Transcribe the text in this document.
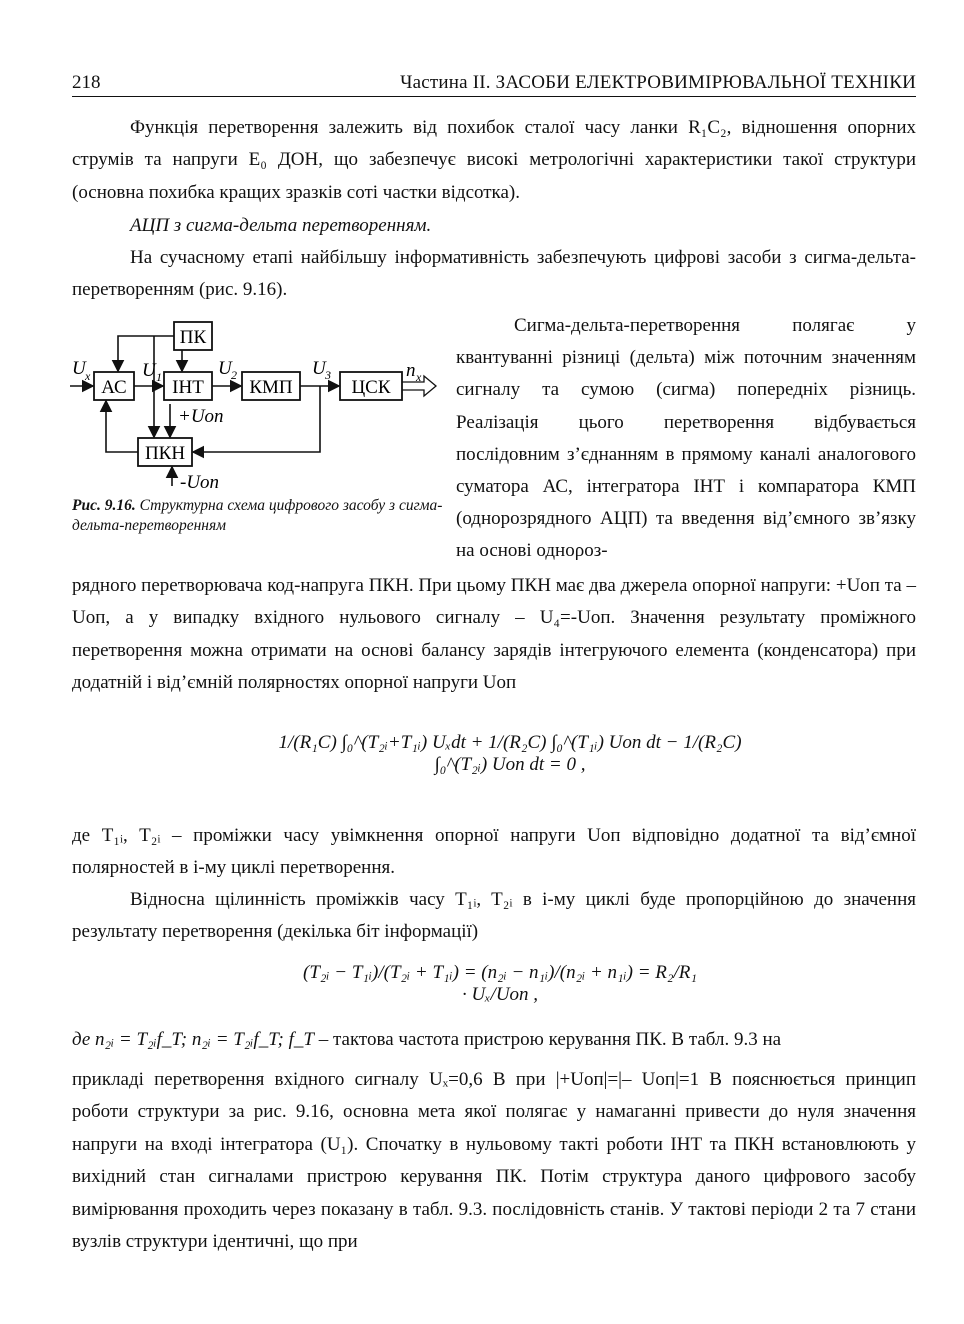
218	Частина II. ЗАСОБИ ЕЛЕКТРОВИМІРЮВАЛЬНОЇ ТЕХНІКИ
Функція перетворення залежить від похибок сталої часу ланки R₁C₂, відношення опорних струмів та напруги E₀ ДОН, що забезпечує високі метрологічні характеристики такої структури (основна похибка кращих зразків соті частки відсотка).
АЦП з сигма-дельта перетворенням.
На сучасному етапі найбільшу інформативність забезпечують цифрові засоби з сигма-дельта-перетворенням (рис. 9.16).
ПК
АС ІНТ КМП	ЦСК
ПКН
U x	U 1	U 2	U 3	n x
+Uоп
-Uоп
Рис. 9.16. Структурна схема цифрового засобу з сигма-дельта-перетворенням
Сигма-дельта-перетворення полягає у квантуванні різниці (дельта) між поточним значенням сигналу та сумою (сигма) попередніх різниць. Реалізація цього перетворення відбувається послідовним з’єднанням в прямому каналі аналогового суматора АС, інтегратора ІНТ і компаратора КМП (однорозрядного АЦП) та введення від’ємного зв’язку на основі одноροз-
рядного перетворювача код-напруга ПКН. При цьому ПКН має два джерела опорної напруги: +Uоп та –Uоп, а у випадку вхідного нульового сигналу – U₄=-Uоп. Значення результату проміжного перетворення можна отримати на основі балансу зарядів інтегруючого елемента (конденсатора) при додатній і від’ємній полярностях опорної напруги Uоп
1/(R₁C) ∫₀^(T₂ᵢ+T₁ᵢ) Uₓdt + 1/(R₂C) ∫₀^(T₁ᵢ) Uоп dt − 1/(R₂C) ∫₀^(T₂ᵢ) Uоп dt = 0 ,
де T₁ᵢ, T₂ᵢ – проміжки часу увімкнення опорної напруги Uоп відповідно додатної та від’ємної полярностей в i-му циклі перетворення.
Відносна щілинність проміжків часу T₁ᵢ, T₂ᵢ в i-му циклі буде пропорційною до значення результату перетворення (декілька біт інформації)
(T₂ᵢ − T₁ᵢ)/(T₂ᵢ + T₁ᵢ) = (n₂ᵢ − n₁ᵢ)/(n₂ᵢ + n₁ᵢ) = R₂/R₁ · Uₓ/Uоп ,
де n₂ᵢ = T₂ᵢf_T; n₂ᵢ = T₂ᵢf_T; f_T – тактова частота пристрою керування ПК. В табл. 9.3 на
прикладі перетворення вхідного сигналу Uₓ=0,6 В при |+Uоп|=|– Uоп|=1 В пояснюється принцип роботи структури за рис. 9.16, основна мета якої полягає у намаганні привести до нуля значення напруги на вході інтегратора (U₁). Спочатку в нульовому такті роботи ІНТ та ПКН встановлюють у вихідний стан сигналами пристрою керування ПК. Потім структура даного цифрового засобу вимірювання проходить через показану в табл. 9.3. послідовність станів. У тактові періоди 2 та 7 стани вузлів структури ідентичні, що при
